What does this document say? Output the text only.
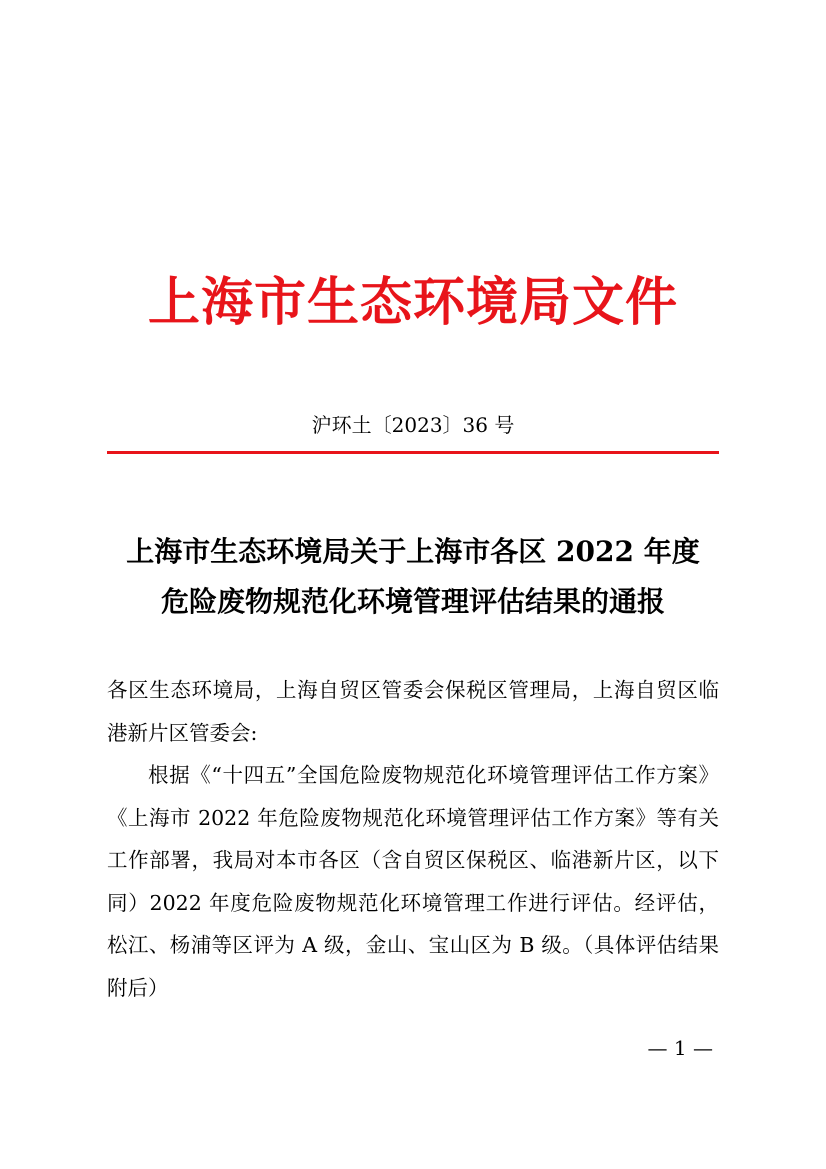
上海市生态环境局文件
沪环土〔2023〕36 号
上海市生态环境局关于上海市各区 2022 年度
危险废物规范化环境管理评估结果的通报

各区生态环境局，上海自贸区管委会保税区管理局，上海自贸区临港新片区管委会:

根据《“十四五”全国危险废物规范化环境管理评估工作方案》《上海市 2022 年危险废物规范化环境管理评估工作方案》等有关工作部署，我局对本市各区（含自贸区保税区、临港新片区，以下同）2022 年度危险废物规范化环境管理工作进行评估。经评估，松江、杨浦等区评为 A 级，金山、宝山区为 B 级。（具体评估结果附后）

— 1 —
